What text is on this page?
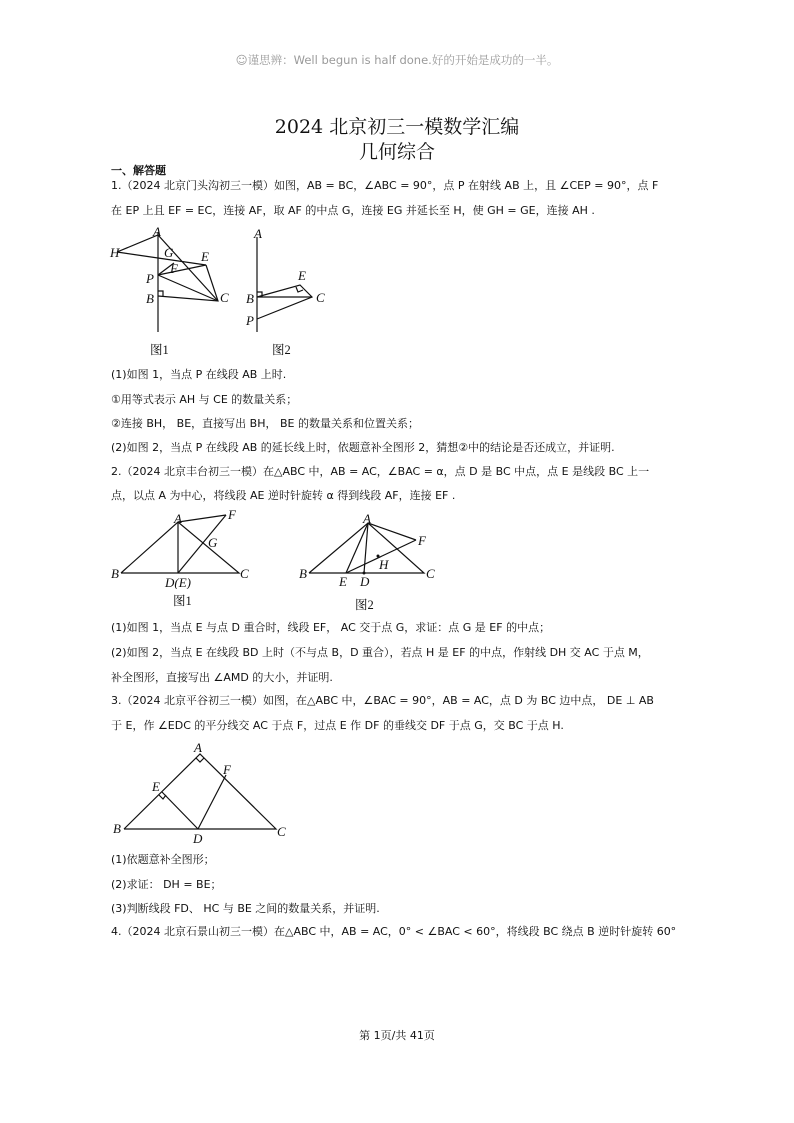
☺谨思辨：Well begun is half done.好的开始是成功的一半。
2024 北京初三一模数学汇编
几何综合
一、解答题
1.（2024 北京门头沟初三一模）如图，AB = BC，∠ABC = 90°，点 P 在射线 AB 上，且 ∠CEP = 90°，点 F
在 EP 上且 EF = EC，连接 AF，取 AF 的中点 G，连接 EG 并延长至 H，使 GH = GE，连接 AH .
A
H	G E
F
P
B	C
A
E
B	C
P
图1	图2
(1)如图 1，当点 P 在线段 AB 上时.
①用等式表示 AH 与 CE 的数量关系；
②连接 BH， BE，直接写出 BH， BE 的数量关系和位置关系；
(2)如图 2，当点 P 在线段 AB 的延长线上时，依题意补全图形 2，猜想②中的结论是否还成立，并证明.
2.（2024 北京丰台初三一模）在△ABC 中，AB = AC，∠BAC = α，点 D 是 BC 中点，点 E 是线段 BC 上一
点，以点 A 为中心，将线段 AE 逆时针旋转 α 得到线段 AF，连接 EF .
A	F
G
B
D(E)
C
A
F
H
B
E D
C
图1	图2
(1)如图 1，当点 E 与点 D 重合时，线段 EF， AC 交于点 G，求证：点 G 是 EF 的中点；
(2)如图 2，当点 E 在线段 BD 上时（不与点 B，D 重合），若点 H 是 EF 的中点，作射线 DH 交 AC 于点 M，
补全图形，直接写出 ∠AMD 的大小，并证明.
3.（2024 北京平谷初三一模）如图，在△ABC 中，∠BAC = 90°，AB = AC，点 D 为 BC 边中点， DE ⊥ AB
于 E，作 ∠EDC 的平分线交 AC 于点 F，过点 E 作 DF 的垂线交 DF 于点 G，交 BC 于点 H.
A
F
E
B
D	C
(1)依题意补全图形；
(2)求证： DH = BE；
(3)判断线段 FD、 HC 与 BE 之间的数量关系，并证明.
4.（2024 北京石景山初三一模）在△ABC 中，AB = AC，0° < ∠BAC < 60°，将线段 BC 绕点 B 逆时针旋转 60°
第 1页/共 41页
